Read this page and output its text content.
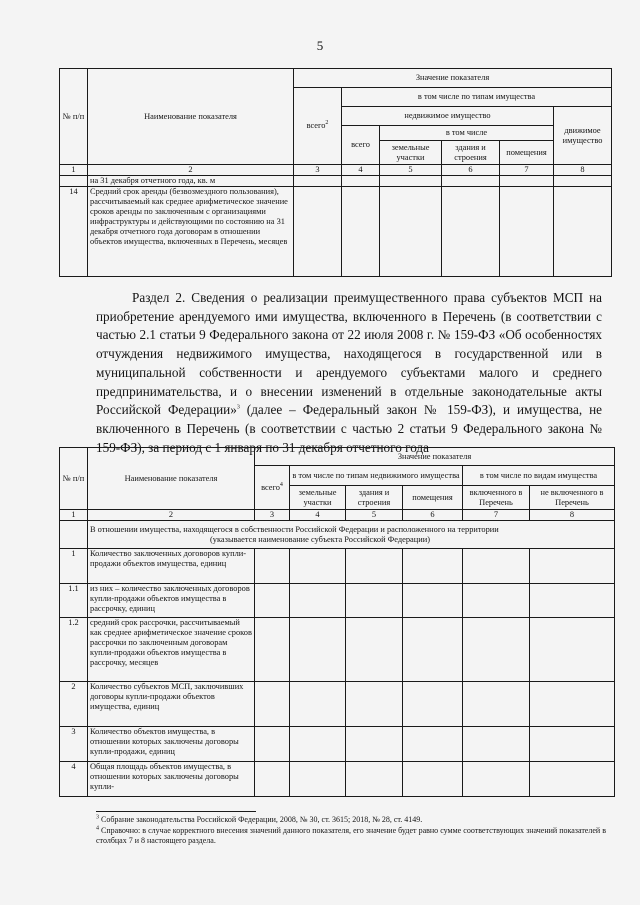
5
№ п/п	Наименование показателя	Значение показателя					
		всего$^2$	в том числе по типам имущества				
			недвижимое имущество				движимое имущество
			всего	в том числе			
				земельные участки	здания и строения	помещения	
1	2	3	4	5	6	7	8
	на 31 декабря отчетного года, кв. м						
14	Средний срок аренды (безвозмездного пользования), рассчитываемый как среднее арифметическое значение сроков аренды по заключенным с организациями инфраструктуры и действующими по состоянию на 31 декабря отчетного года договорам в отношении объектов имущества, включенных в Перечень, месяцев						
Раздел 2. Сведения о реализации преимущественного права субъектов МСП на приобретение арендуемого ими имущества, включенного в Перечень (в соответствии с частью 2.1 статьи 9 Федерального закона от 22 июля 2008 г. № 159-ФЗ «Об особенностях отчуждения недвижимого имущества, находящегося в государственной или в муниципальной собственности и арендуемого субъектами малого и среднего предпринимательства, и о внесении изменений в отдельные законодательные акты Российской Федерации»$^3$ (далее – Федеральный закон № 159-ФЗ), и имущества, не включенного в Перечень (в соответствии с частью 2 статьи 9 Федерального закона № 159-ФЗ), за период с 1 января по 31 декабря отчетного года
№ п/п	Наименование показателя	Значение показателя					
		всего$^4$	в том числе по типам недвижимого имущества			в том числе по видам имущества	
			земельные участки	здания и строения	помещения	включенного в Перечень	не включенного в Перечень
1	2	3	4	5	6	7	8

	В отношении имущества, находящегося в собственности Российской Федерации и расположенного на территории
(указывается наименование субъекта Российской Федерации)						

1	Количество заключенных договоров купли-продажи объектов имущества, единиц						
1.1	из них – количество заключенных договоров купли-продажи объектов имущества в рассрочку, единиц						
1.2	средний срок рассрочки, рассчитываемый как среднее арифметическое значение сроков рассрочки по заключенным договорам купли-продажи объектов имущества в рассрочку, месяцев						
2	Количество субъектов МСП, заключивших договоры купли-продажи объектов имущества, единиц						
3	Количество объектов имущества, в отношении которых заключены договоры купли-продажи, единиц						
4	Общая площадь объектов имущества, в отношении которых заключены договоры купли-						
$^3$ Собрание законодательства Российской Федерации, 2008, № 30, ст. 3615; 2018, № 28, ст. 4149.
$^4$ Справочно: в случае корректного внесения значений данного показателя, его значение будет равно сумме соответствующих значений показателей в столбцах 7 и 8 настоящего раздела.
